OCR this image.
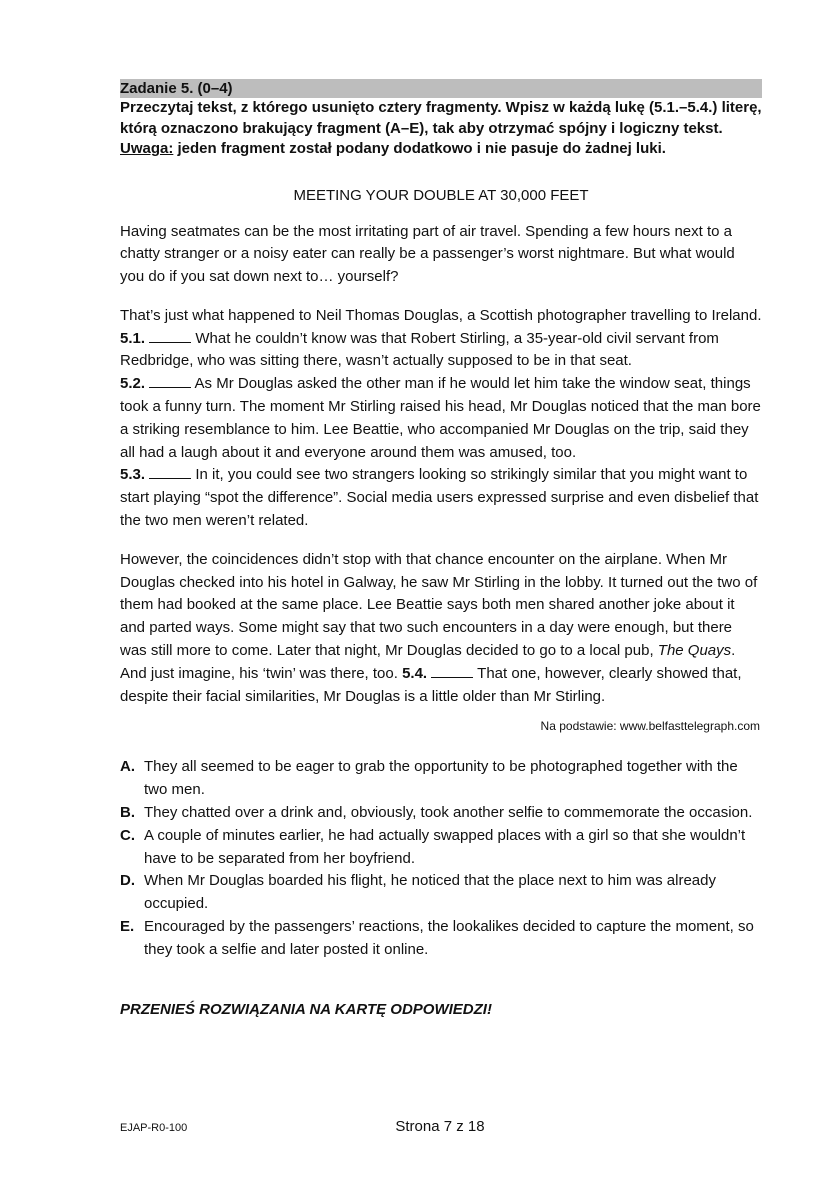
Zadanie 5. (0–4)

Przeczytaj tekst, z którego usunięto cztery fragmenty. Wpisz w każdą lukę (5.1.–5.4.) literę, którą oznaczono brakujący fragment (A–E), tak aby otrzymać spójny i logiczny tekst.
Uwaga: jeden fragment został podany dodatkowo i nie pasuje do żadnej luki.

MEETING YOUR DOUBLE AT 30,000 FEET

Having seatmates can be the most irritating part of air travel. Spending a few hours next to a chatty stranger or a noisy eater can really be a passenger’s worst nightmare. But what would you do if you sat down next to… yourself?

That’s just what happened to Neil Thomas Douglas, a Scottish photographer travelling to Ireland. 5.1.	What he couldn’t know was that Robert Stirling, a 35-year-old civil servant from Redbridge, who was sitting there, wasn’t actually supposed to be in that seat.
5.2.	As Mr Douglas asked the other man if he would let him take the window seat, things took a funny turn. The moment Mr Stirling raised his head, Mr Douglas noticed that the man bore a striking resemblance to him. Lee Beattie, who accompanied Mr Douglas on the trip, said they all had a laugh about it and everyone around them was amused, too.
5.3.	In it, you could see two strangers looking so strikingly similar that you might want to start playing “spot the difference”. Social media users expressed surprise and even disbelief that the two men weren’t related.

However, the coincidences didn’t stop with that chance encounter on the airplane. When Mr Douglas checked into his hotel in Galway, he saw Mr Stirling in the lobby. It turned out the two of them had booked at the same place. Lee Beattie says both men shared another joke about it and parted ways. Some might say that two such encounters in a day were enough, but there was still more to come. Later that night, Mr Douglas decided to go to a local pub, The Quays. And just imagine, his ‘twin’ was there, too. 5.4.	That one, however, clearly showed that, despite their facial similarities, Mr Douglas is a little older than Mr Stirling.

Na podstawie: www.belfasttelegraph.com
A. They all seemed to be eager to grab the opportunity to be photographed together with the two men.
B. They chatted over a drink and, obviously, took another selfie to commemorate the occasion.
C. A couple of minutes earlier, he had actually swapped places with a girl so that she wouldn’t have to be separated from her boyfriend.
D. When Mr Douglas boarded his flight, he noticed that the place next to him was already occupied.
E. Encouraged by the passengers’ reactions, the lookalikes decided to capture the moment, so they took a selfie and later posted it online.
PRZENIEŚ ROZWIĄZANIA NA KARTĘ ODPOWIEDZI!
EJAP-R0-100	Strona 7 z 18
